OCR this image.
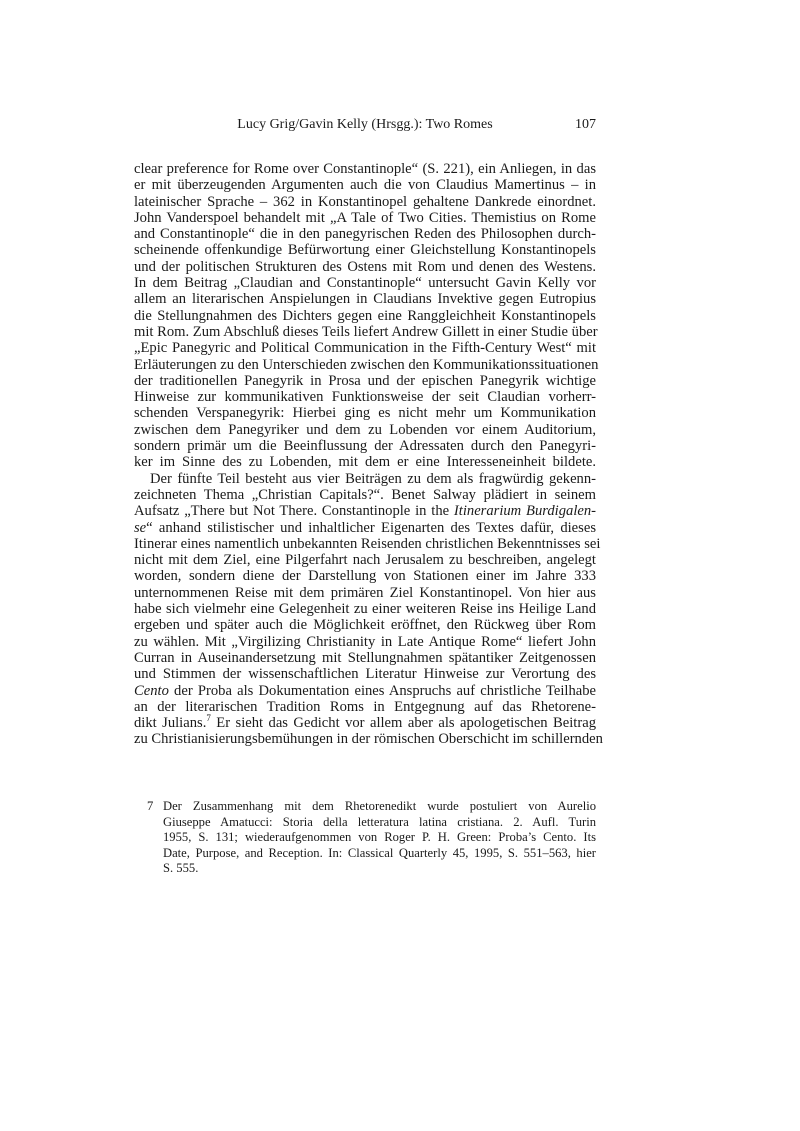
Lucy Grig/Gavin Kelly (Hrsgg.): Two Romes	107
clear preference for Rome over Constantinople“ (S. 221), ein Anliegen, in das
er mit überzeugenden Argumenten auch die von Claudius Mamertinus – in
lateinischer Sprache – 362 in Konstantinopel gehaltene Dankrede einordnet.
John Vanderspoel behandelt mit „A Tale of Two Cities. Themistius on Rome
and Constantinople“ die in den panegyrischen Reden des Philosophen durch-
scheinende offenkundige Befürwortung einer Gleichstellung Konstantinopels
und der politischen Strukturen des Ostens mit Rom und denen des Westens.
In dem Beitrag „Claudian and Constantinople“ untersucht Gavin Kelly vor
allem an literarischen Anspielungen in Claudians Invektive gegen Eutropius
die Stellungnahmen des Dichters gegen eine Ranggleichheit Konstantinopels
mit Rom. Zum Abschluß dieses Teils liefert Andrew Gillett in einer Studie über
„Epic Panegyric and Political Communication in the Fifth-Century West“ mit
Erläuterungen zu den Unterschieden zwischen den Kommunikationssituationen
der traditionellen Panegyrik in Prosa und der epischen Panegyrik wichtige
Hinweise zur kommunikativen Funktionsweise der seit Claudian vorherr-
schenden Verspanegyrik: Hierbei ging es nicht mehr um Kommunikation
zwischen dem Panegyriker und dem zu Lobenden vor einem Auditorium,
sondern primär um die Beeinflussung der Adressaten durch den Panegyri-
ker im Sinne des zu Lobenden, mit dem er eine Interesseneinheit bildete.
Der fünfte Teil besteht aus vier Beiträgen zu dem als fragwürdig gekenn-
zeichneten Thema „Christian Capitals?“. Benet Salway plädiert in seinem
Aufsatz „There but Not There. Constantinople in the Itinerarium Burdigalen-
se“ anhand stilistischer und inhaltlicher Eigenarten des Textes dafür, dieses
Itinerar eines namentlich unbekannten Reisenden christlichen Bekenntnisses sei
nicht mit dem Ziel, eine Pilgerfahrt nach Jerusalem zu beschreiben, angelegt
worden, sondern diene der Darstellung von Stationen einer im Jahre 333
unternommenen Reise mit dem primären Ziel Konstantinopel. Von hier aus
habe sich vielmehr eine Gelegenheit zu einer weiteren Reise ins Heilige Land
ergeben und später auch die Möglichkeit eröffnet, den Rückweg über Rom
zu wählen. Mit „Virgilizing Christianity in Late Antique Rome“ liefert John
Curran in Auseinandersetzung mit Stellungnahmen spätantiker Zeitgenossen
und Stimmen der wissenschaftlichen Literatur Hinweise zur Verortung des
Cento der Proba als Dokumentation eines Anspruchs auf christliche Teilhabe
an der literarischen Tradition Roms in Entgegnung auf das Rhetorene-
dikt Julians.$^7$ Er sieht das Gedicht vor allem aber als apologetischen Beitrag
zu Christianisierungsbemühungen in der römischen Oberschicht im schillernden
7 Der Zusammenhang mit dem Rhetorenedikt wurde postuliert von Aurelio
Giuseppe Amatucci: Storia della letteratura latina cristiana. 2. Aufl. Turin
1955, S. 131; wiederaufgenommen von Roger P. H. Green: Proba’s Cento. Its
Date, Purpose, and Reception. In: Classical Quarterly 45, 1995, S. 551–563, hier
S. 555.
